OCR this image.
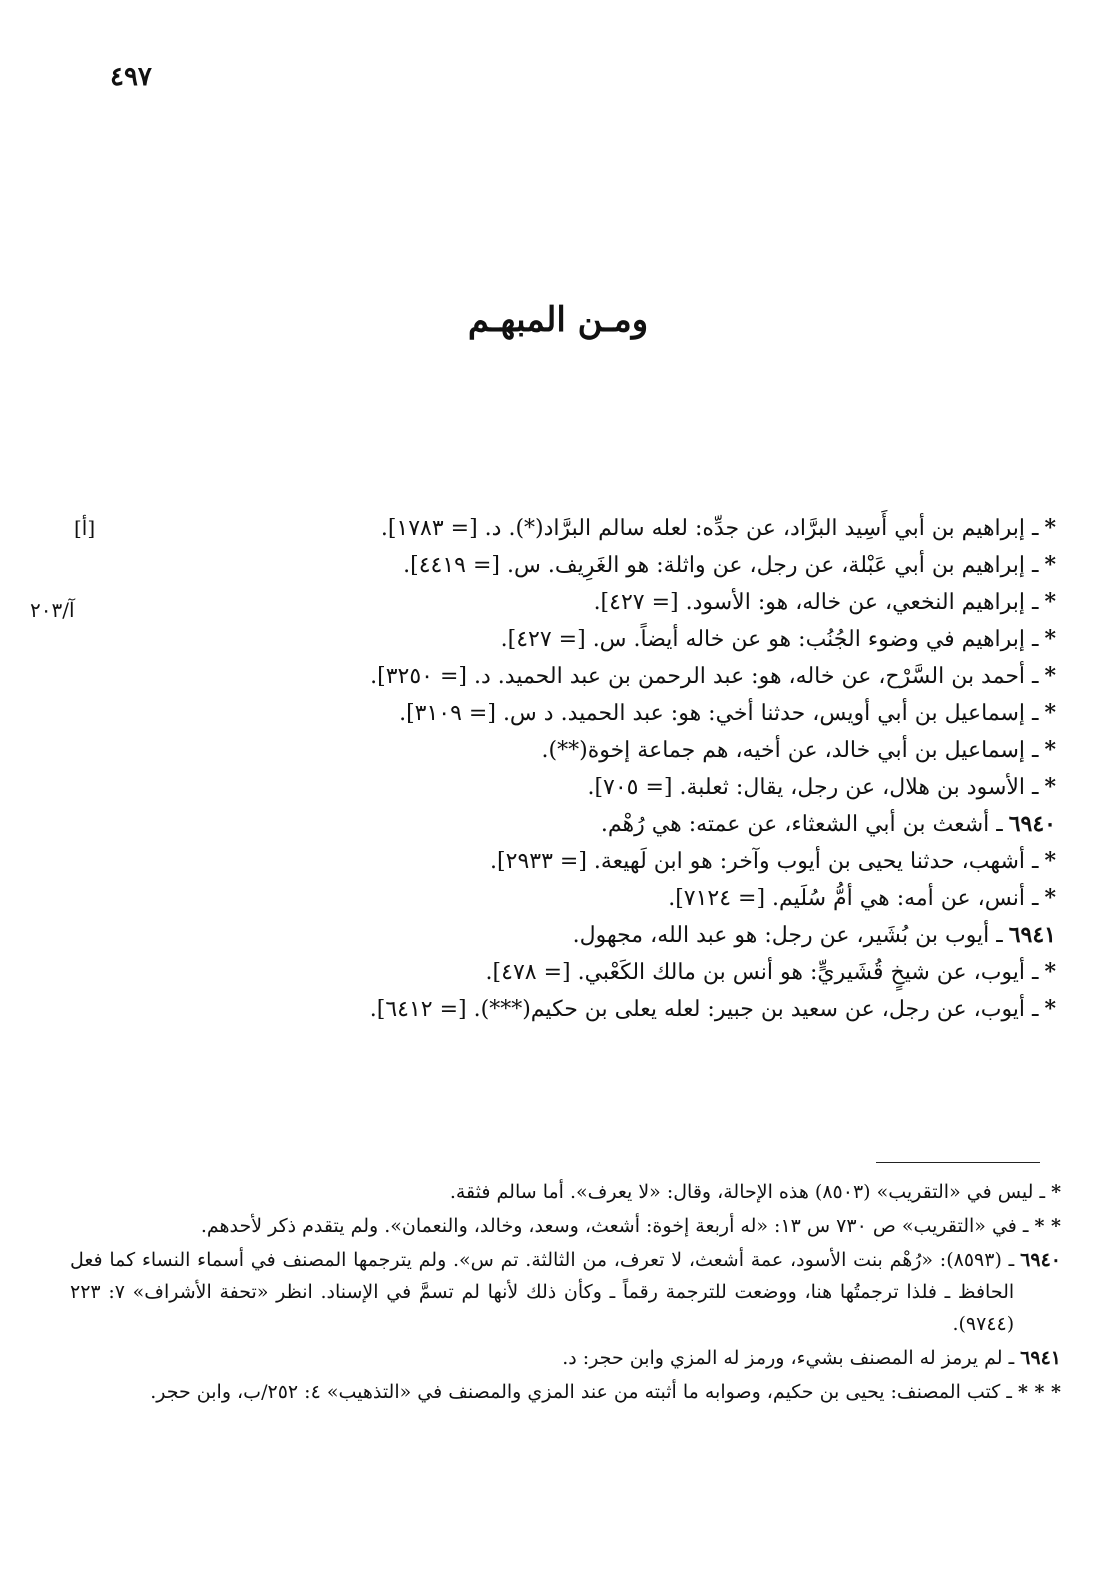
٤٩٧
ومـن المبهـم
[أ]
آ/٢٠٣
*ـ إبراهيم بن أبي أَسِيد البرَّاد، عن جدِّه: لعله سالم البرَّاد(*). د. [= ١٧٨٣].
*ـ إبراهيم بن أبي عَبْلة، عن رجل، عن واثلة: هو الغَرِيف. س. [= ٤٤١٩].
*ـ إبراهيم النخعي، عن خاله، هو: الأسود. [= ٤٢٧].
*ـ إبراهيم في وضوء الجُنُب: هو عن خاله أيضاً. س. [= ٤٢٧].
*ـ أحمد بن السَّرْح، عن خاله، هو: عبد الرحمن بن عبد الحميد. د. [= ٣٢٥٠].
*ـ إسماعيل بن أبي أويس، حدثنا أخي: هو: عبد الحميد. د س. [= ٣١٠٩].
*ـ إسماعيل بن أبي خالد، عن أخيه، هم جماعة إخوة(**).
*ـ الأسود بن هلال، عن رجل، يقال: ثعلبة. [= ٧٠٥].
٦٩٤٠ـ أشعث بن أبي الشعثاء، عن عمته: هي رُهْم.
*ـ أشهب، حدثنا يحيى بن أيوب وآخر: هو ابن لَهيعة. [= ٢٩٣٣].
*ـ أنس، عن أمه: هي أمُّ سُلَيم. [= ٧١٢٤].
٦٩٤١ـ أيوب بن بُشَير، عن رجل: هو عبد الله، مجهول.
*ـ أيوب، عن شيخٍ قُشَيريٍّ: هو أنس بن مالك الكَعْبي. [= ٤٧٨].
*ـ أيوب، عن رجل، عن سعيد بن جبير: لعله يعلى بن حكيم(***). [= ٦٤١٢].
*
ـ ليس في «التقريب» (٨٥٠٣) هذه الإحالة، وقال: «لا يعرف». أما سالم فثقة.
* *
ـ في «التقريب» ص ٧٣٠ س ١٣: «له أربعة إخوة: أشعث، وسعد، وخالد، والنعمان». ولم يتقدم ذكر لأحدهم.
٦٩٤٠
ـ (٨٥٩٣): «رُهْم بنت الأسود، عمة أشعث، لا تعرف، من الثالثة. تم س». ولم يترجمها المصنف في أسماء النساء كما فعل الحافظ ـ فلذا ترجمتُها هنا، ووضعت للترجمة رقماً ـ وكأن ذلك لأنها لم تسمَّ في الإسناد. انظر «تحفة الأشراف» ٧: ٢٢٣ (٩٧٤٤).
٦٩٤١
ـ لم يرمز له المصنف بشيء، ورمز له المزي وابن حجر: د.
* * *
ـ كتب المصنف: يحيى بن حكيم، وصوابه ما أثبته من عند المزي والمصنف في «التذهيب» ٤: ٢٥٢/ب، وابن حجر.
